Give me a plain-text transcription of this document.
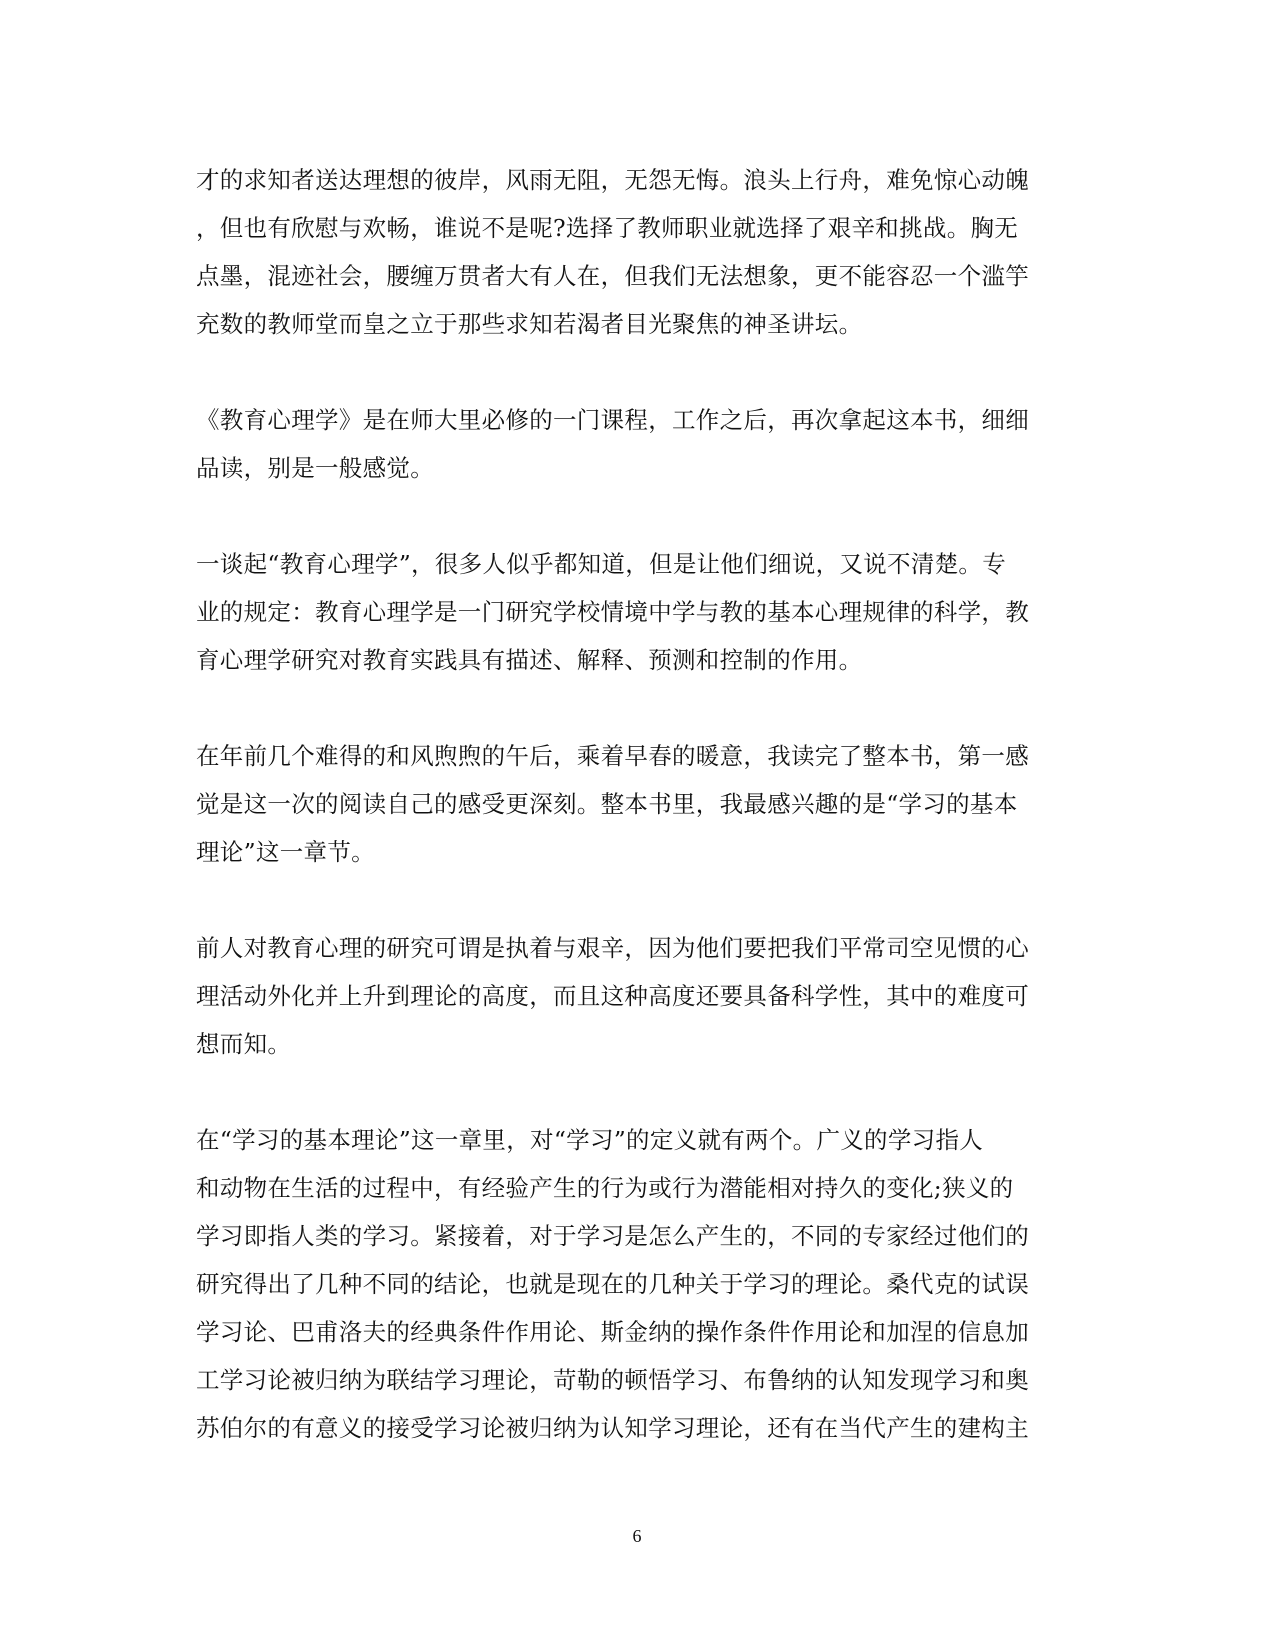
才的求知者送达理想的彼岸，风雨无阻，无怨无悔。浪头上行舟，难免惊心动魄
，但也有欣慰与欢畅，谁说不是呢?选择了教师职业就选择了艰辛和挑战。胸无
点墨，混迹社会，腰缠万贯者大有人在，但我们无法想象，更不能容忍一个滥竽
充数的教师堂而皇之立于那些求知若渴者目光聚焦的神圣讲坛。

《教育心理学》是在师大里必修的一门课程，工作之后，再次拿起这本书，细细
品读，别是一般感觉。

一谈起“教育心理学”，很多人似乎都知道，但是让他们细说，又说不清楚。专
业的规定：教育心理学是一门研究学校情境中学与教的基本心理规律的科学，教
育心理学研究对教育实践具有描述、解释、预测和控制的作用。

在年前几个难得的和风煦煦的午后，乘着早春的暖意，我读完了整本书，第一感
觉是这一次的阅读自己的感受更深刻。整本书里，我最感兴趣的是“学习的基本
理论”这一章节。

前人对教育心理的研究可谓是执着与艰辛，因为他们要把我们平常司空见惯的心
理活动外化并上升到理论的高度，而且这种高度还要具备科学性，其中的难度可
想而知。

在“学习的基本理论”这一章里，对“学习”的定义就有两个。广义的学习指人
和动物在生活的过程中，有经验产生的行为或行为潜能相对持久的变化;狭义的
学习即指人类的学习。紧接着，对于学习是怎么产生的，不同的专家经过他们的
研究得出了几种不同的结论，也就是现在的几种关于学习的理论。桑代克的试误
学习论、巴甫洛夫的经典条件作用论、斯金纳的操作条件作用论和加涅的信息加
工学习论被归纳为联结学习理论，苛勒的顿悟学习、布鲁纳的认知发现学习和奥
苏伯尔的有意义的接受学习论被归纳为认知学习理论，还有在当代产生的建构主

6
